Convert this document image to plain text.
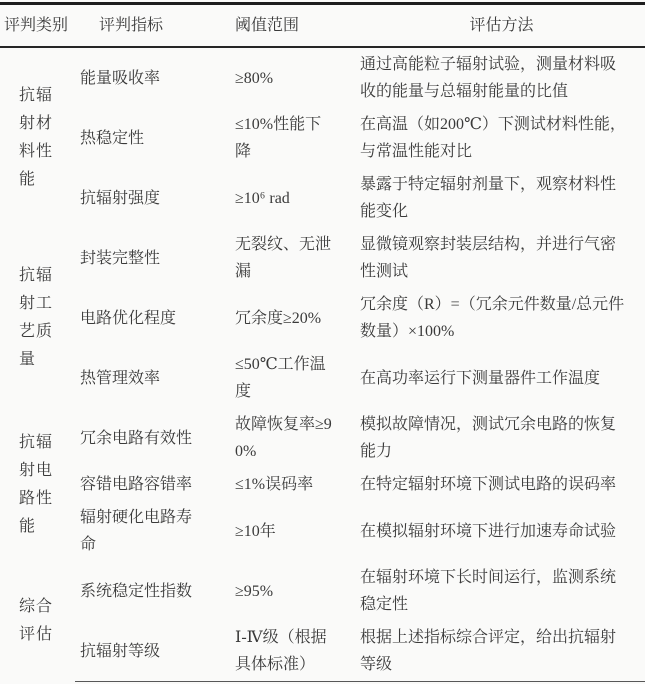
评判类别	评判指标	阈值范围	评估方法

抗辐射材料性能	能量吸收率	≥80%	通过高能粒子辐射试验，测量材料吸收的能量与总辐射能量的比值
	热稳定性	≤10%性能下降	在高温（如200℃）下测试材料性能，与常温性能对比
	抗辐射强度	≥10⁶ rad	暴露于特定辐射剂量下，观察材料性能变化

抗辐射工艺质量	封装完整性	无裂纹、无泄漏	显微镜观察封装层结构，并进行气密性测试
	电路优化程度	冗余度≥20%	冗余度（R）=（冗余元件数量/总元件数量）×100%
	热管理效率	≤50℃工作温度	在高功率运行下测量器件工作温度

抗辐射电路性能	冗余电路有效性	故障恢复率≥90%	模拟故障情况，测试冗余电路的恢复能力
	容错电路容错率	≤1%误码率	在特定辐射环境下测试电路的误码率
	辐射硬化电路寿命	≥10年	在模拟辐射环境下进行加速寿命试验

综合评估	系统稳定性指数	≥95%	在辐射环境下长时间运行，监测系统稳定性
	抗辐射等级	Ⅰ-Ⅳ级（根据具体标准）	根据上述指标综合评定，给出抗辐射等级
